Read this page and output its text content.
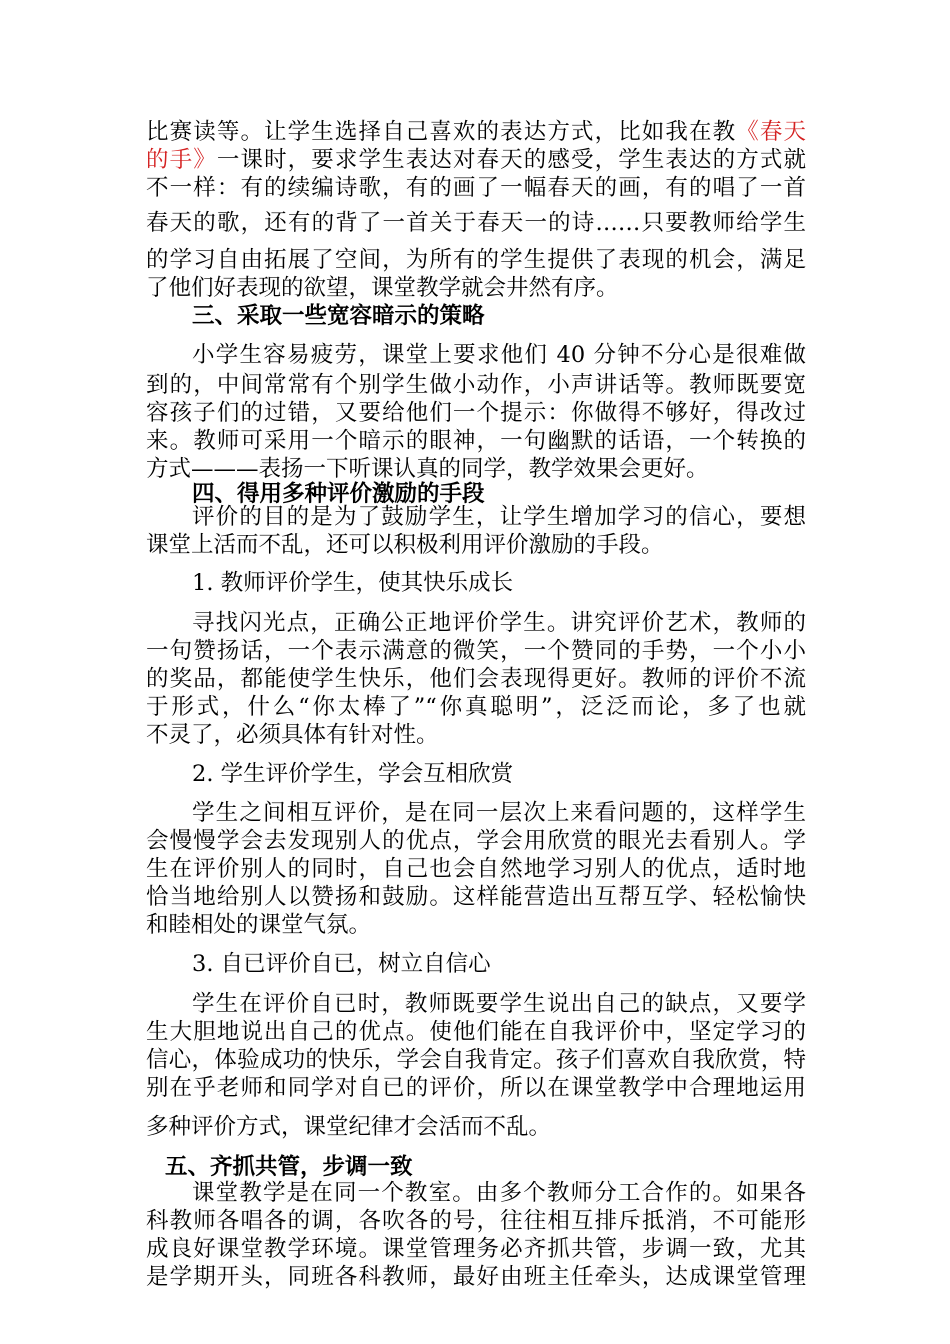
比赛读等。让学生选择自己喜欢的表达方式，比如我在教《春天
的手》一课时，要求学生表达对春天的感受，学生表达的方式就
不一样：有的续编诗歌，有的画了一幅春天的画，有的唱了一首
春天的歌，还有的背了一首关于春天一的诗……只要教师给学生
的学习自由拓展了空间，为所有的学生提供了表现的机会，满足
了他们好表现的欲望，课堂教学就会井然有序。
三、采取一些宽容暗示的策略
小学生容易疲劳，课堂上要求他们 40 分钟不分心是很难做
到的，中间常常有个别学生做小动作，小声讲话等。教师既要宽
容孩子们的过错，又要给他们一个提示：你做得不够好，得改过
来。教师可采用一个暗示的眼神，一句幽默的话语，一个转换的
方式———表扬一下听课认真的同学，教学效果会更好。
四、得用多种评价激励的手段
评价的目的是为了鼓励学生，让学生增加学习的信心，要想
课堂上活而不乱，还可以积极利用评价激励的手段。
1. 教师评价学生，使其快乐成长
寻找闪光点，正确公正地评价学生。讲究评价艺术，教师的
一句赞扬话，一个表示满意的微笑，一个赞同的手势，一个小小
的奖品，都能使学生快乐，他们会表现得更好。教师的评价不流
于形式，什么“你太棒了”“你真聪明”，泛泛而论，多了也就
不灵了，必须具体有针对性。
2. 学生评价学生，学会互相欣赏
学生之间相互评价，是在同一层次上来看问题的，这样学生
会慢慢学会去发现别人的优点，学会用欣赏的眼光去看别人。学
生在评价别人的同时，自己也会自然地学习别人的优点，适时地
恰当地给别人以赞扬和鼓励。这样能营造出互帮互学、轻松愉快
和睦相处的课堂气氛。
3. 自已评价自已，树立自信心
学生在评价自已时，教师既要学生说出自己的缺点，又要学
生大胆地说出自己的优点。使他们能在自我评价中，坚定学习的
信心，体验成功的快乐，学会自我肯定。孩子们喜欢自我欣赏，特
别在乎老师和同学对自已的评价，所以在课堂教学中合理地运用
多种评价方式，课堂纪律才会活而不乱。
五、齐抓共管，步调一致
课堂教学是在同一个教室。由多个教师分工合作的。如果各
科教师各唱各的调，各吹各的号，往往相互排斥抵消，不可能形
成良好课堂教学环境。课堂管理务必齐抓共管，步调一致，尤其
是学期开头，同班各科教师，最好由班主任牵头，达成课堂管理
